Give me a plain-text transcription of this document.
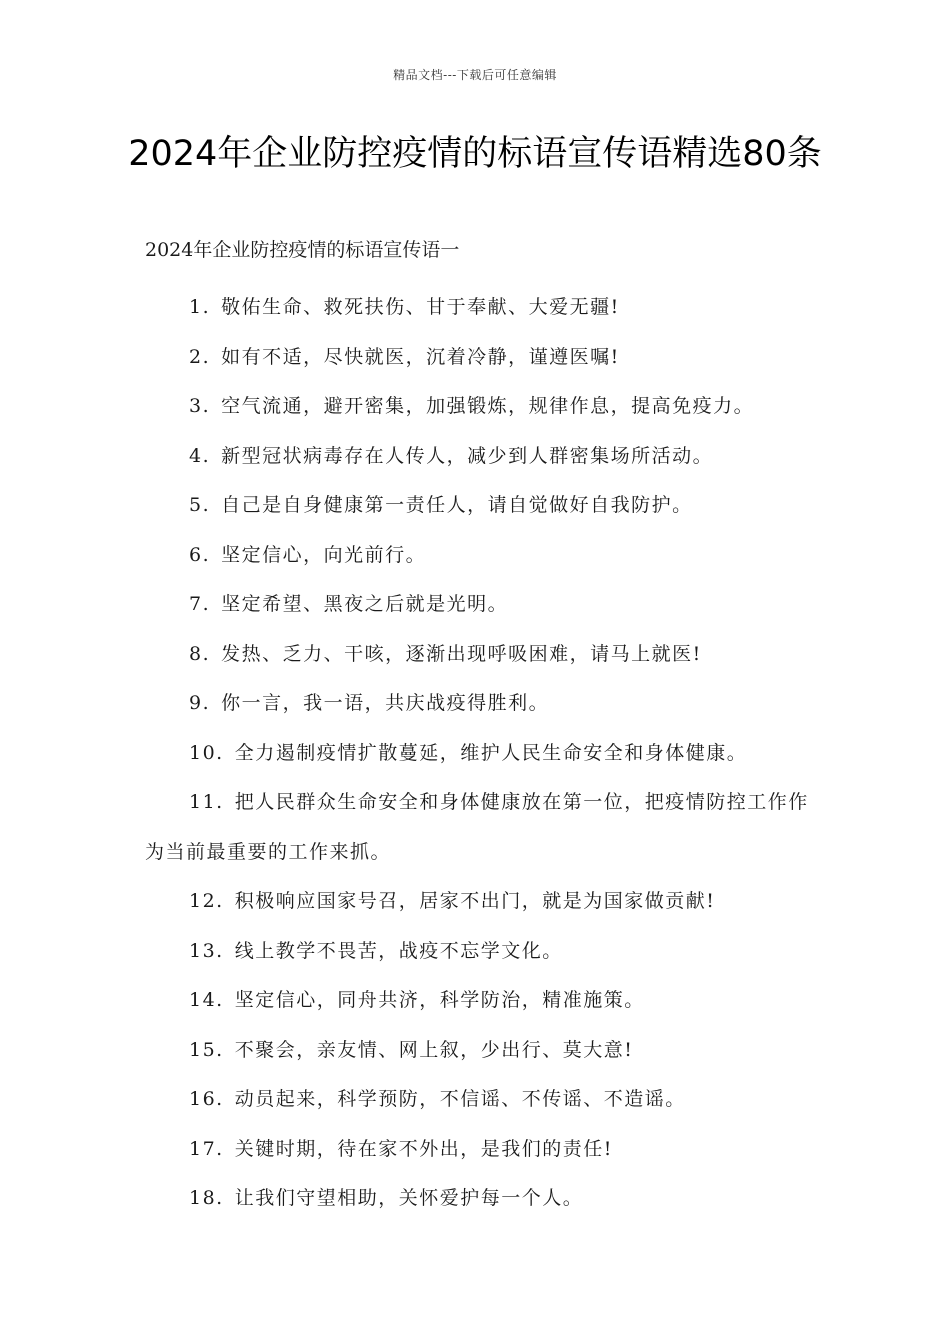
精品文档---下载后可任意编辑
2024年企业防控疫情的标语宣传语精选80条

2024年企业防控疫情的标语宣传语一

1. 敬佑生命、救死扶伤、甘于奉献、大爱无疆!
2. 如有不适，尽快就医，沉着冷静，谨遵医嘱!
3. 空气流通，避开密集，加强锻炼，规律作息，提高免疫力。
4. 新型冠状病毒存在人传人，减少到人群密集场所活动。
5. 自己是自身健康第一责任人，请自觉做好自我防护。
6. 坚定信心，向光前行。
7. 坚定希望、黑夜之后就是光明。
8. 发热、乏力、干咳，逐渐出现呼吸困难，请马上就医!
9. 你一言，我一语，共庆战疫得胜利。
10. 全力遏制疫情扩散蔓延，维护人民生命安全和身体健康。
11. 把人民群众生命安全和身体健康放在第一位，把疫情防控工作作为当前最重要的工作来抓。
12. 积极响应国家号召，居家不出门，就是为国家做贡献!
13. 线上教学不畏苦，战疫不忘学文化。
14. 坚定信心，同舟共济，科学防治，精准施策。
15. 不聚会，亲友情、网上叙，少出行、莫大意!
16. 动员起来，科学预防，不信谣、不传谣、不造谣。
17. 关键时期，待在家不外出，是我们的责任!
18. 让我们守望相助，关怀爱护每一个人。
